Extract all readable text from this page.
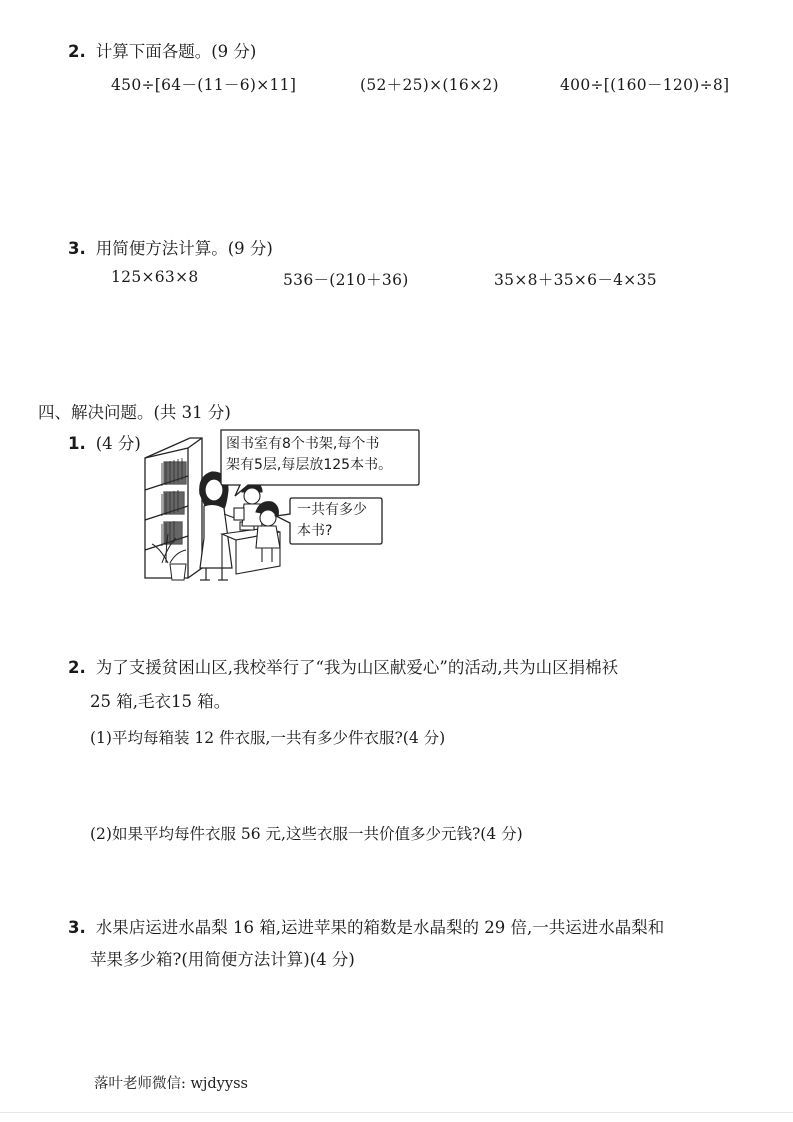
2. 计算下面各题。(9 分)
450÷[64－(11－6)×11]	(52＋25)×(16×2)	400÷[(160－120)÷8]
3. 用简便方法计算。(9 分)
125×63×8	536－(210＋36)	35×8＋35×6－4×35
四、解决问题。(共 31 分)
1. (4 分)	图书室有8个书架,每个书
架有5层,每层放125本书。
一共有多少
本书?
2. 为了支援贫困山区,我校举行了“我为山区献爱心”的活动,共为山区捐棉袄
25 箱,毛衣15 箱。
(1)平均每箱装 12 件衣服,一共有多少件衣服?(4 分)
(2)如果平均每件衣服 56 元,这些衣服一共价值多少元钱?(4 分)
3. 水果店运进水晶梨 16 箱,运进苹果的箱数是水晶梨的 29 倍,一共运进水晶梨和
苹果多少箱?(用简便方法计算)(4 分)
落叶老师微信: wjdyyss
